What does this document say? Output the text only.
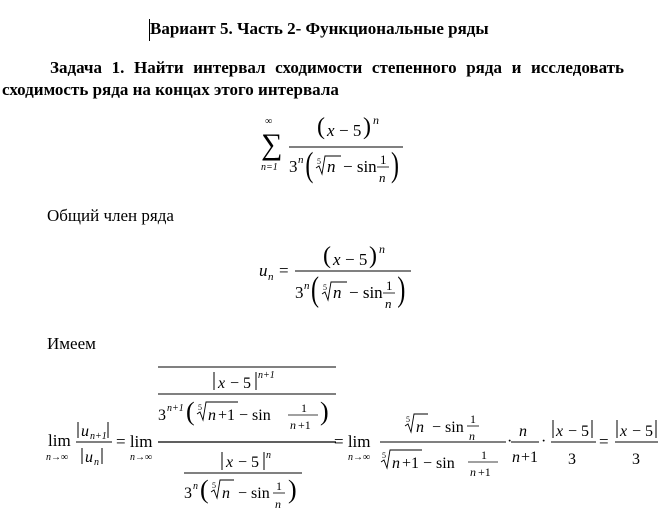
Вариант 5. Часть 2- Функциональные ряды
Задача 1. Найти интервал сходимости степенного ряда и исследовать сходимость ряда на концах этого интервала
∞
∑
n=1
( x − 5 ) n
3 n ( 5 n − sin 1
n )
Общий член ряда
u n =
( x − 5 ) n
3 n ( 5 n − sin 1
n )
Имеем
lim
n→∞
u n+1
u n
= lim
n→∞
x − 5 n+1
3 n+1 ( 5 n +1 − sin	1
n +1 )
x − 5 n
3 n ( 5 n − sin 1
n )
= lim
n→∞
5 n − sin 1
n
5 n +1 − sin 1
n +1
·
n
n +1
·
x − 5
3
=
x − 5
3
